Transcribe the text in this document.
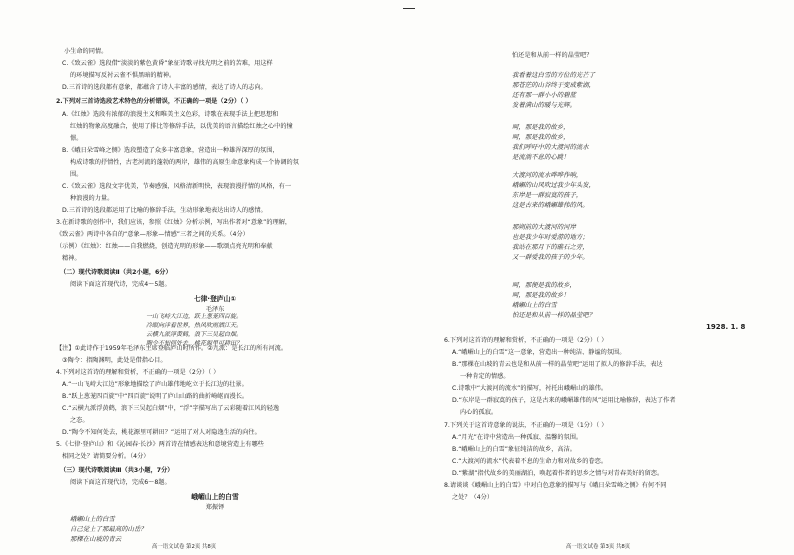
小生命的同情。
C.《致云雀》选段借“淡淡的紫色黄昏”象征诗歌寻找光明之前的苦难，用这样
的环境描写反衬云雀不惧黑暗的精神。
D.三首诗的选段都有意象，都蕴含了诗人丰富的感情，表达了诗人的志向。
2.下列对三首诗选段艺术特色的分析错误，不正确的一项是（2分）（ ）
A.《红烛》选段有浓郁的浪漫主义和唯美主义色彩，诗歌在表现手法上把思想和
红烛的物象高度融合，使用了排比等修辞手法，以优美的语言描绘红烛之心中的憧
憬。
B.《峨日朵雪峰之侧》选段塑造了众多丰富意象，营造出一种雄浑深厚的氛围，
构成诗歌的抒情性，古老河流的蓬勃的两岸，雄伟的高原生命意象构成一个协调的氛
围。
C.《致云雀》选段文字优美，节奏感强，风格清新明快，表现浪漫抒情的风格，有一
种浪漫的力量。
D.三首诗的选段都运用了比喻的修辞手法，生动形象地表达出诗人的感情。
3.在新诗歌的创作中，我们应该，参照《红烛》分析示例，写出作者对“意象”的理解，
《致云雀》两诗中各自的“意象—形象—情感”三者之间的关系。（4分）
（示例）《红烛》：红烛——自我燃烧，创造光明的形象——歌颂点亮光明和奉献
精神。
（二）现代诗歌阅读Ⅱ（共2小题，6分）
阅读下面这首现代诗，完成4～5题。
【注】①此诗作于1959年毛泽东主席登临庐山时所作。②九派：是长江的所有河流。
③陶令：指陶渊明，此处是借指心目。
4.下列对这首诗的理解和赏析，不正确的一项是（2分）（ ）
A.“一山飞峙大江边”形象地描绘了庐山雄伟地屹立于长江边的壮景。
B.“跃上葱茏四百旋”中“四百旋”说明了庐山山路的曲折崎岖而漫长。
C.“云横九派浮黄鹤，浪下三吴起白烟”中，“浮”字描写出了云彩随着江风的轻逸
之态。
D.“陶令不知何处去，桃花源里可耕田？”运用了对人对隐逸生活的向往。
5.《七律·登庐山》和《沁园春·长沙》两首诗在情感表达和意境营造上有哪些
相同之处？请简要分析。（4分）
（三）现代诗歌阅读Ⅲ（共3小题，7分）
阅读下面这首现代诗，完成6～8题。
七律·登庐山①
毛泽东
一山飞峙大江边，跃上葱茏四百旋。
冷眼向洋看世界，热风吹雨洒江天。
云横九派浮黄鹤，浪下三吴起白烟。
陶令不知何处去，桃花源里可耕田？
峨嵋山上的白雪
郑振铎
峨嵋山上的白雪
自己觉上了那最高的山岳？
那棵在山坡的青云
高一语文试卷 第2页 共8页
怕还是和从前一样的晶莹吧？
我看着这白雪的方位的光芒了
那苍茫的山谷终于变成紫湖，
还有那一群小小的碧蓝
发着满山的暖与光辉。
呵，那是我的故乡，
呵，那是我的故乡，
我们呼吁中的大渡河的流水
是流淌不息的心跳！
大渡河的流水哗哗作响，
峨嵋的山风吹过我少年头发，
东岸是一群寂寞的孩子，
这是古来的峨嵋雄伟的风。
那朔前的大渡河的河岸
也是我少年时爱游的地方；
我站在那月下的礁石之旁，
又一群爱我的孩子的少年。
呵，那便是我的故乡，
呵，那是我的故乡！
峨嵋山上的白雪
怕还是和从前一样的晶莹吧？
1928. 1. 8
6.下列对这首诗的理解和赏析，不正确的一项是（2分）（ ）
A.“峨嵋山上的白雪”这一意象，营造出一种纯洁、静谧的氛围。
B.“那棵在山坡的青云也是和从前一样的晶莹吧”运用了拟人的修辞手法，表达
一种肯定的情感。
C.诗歌中“大渡河的流水”的描写，衬托出峨嵋山的雄伟。
D.“东岸是一群寂寞的孩子，这是古来的峨嵋雄伟的风”运用比喻修辞，表达了作者
内心的孤寂。
7.下列关于这首诗意象的说法，不正确的一项是（1分）（ ）
A.“月光”在诗中营造出一种孤寂、温馨的氛围。
B.“峨嵋山上的白雪”象征纯洁的故乡，高洁。
C.“大渡河的流水”代表着不息的生命力和对故乡的眷恋。
D.“紫湖”指代故乡的美丽湖泊，唤起着作者的思乡之情与对青春美好的留恋。
8.请谈谈《峨嵋山上的白雪》中对白色意象的描写与《峨日朵雪峰之侧》有何不同
之处？（4分）
高一语文试卷 第3页 共8页
